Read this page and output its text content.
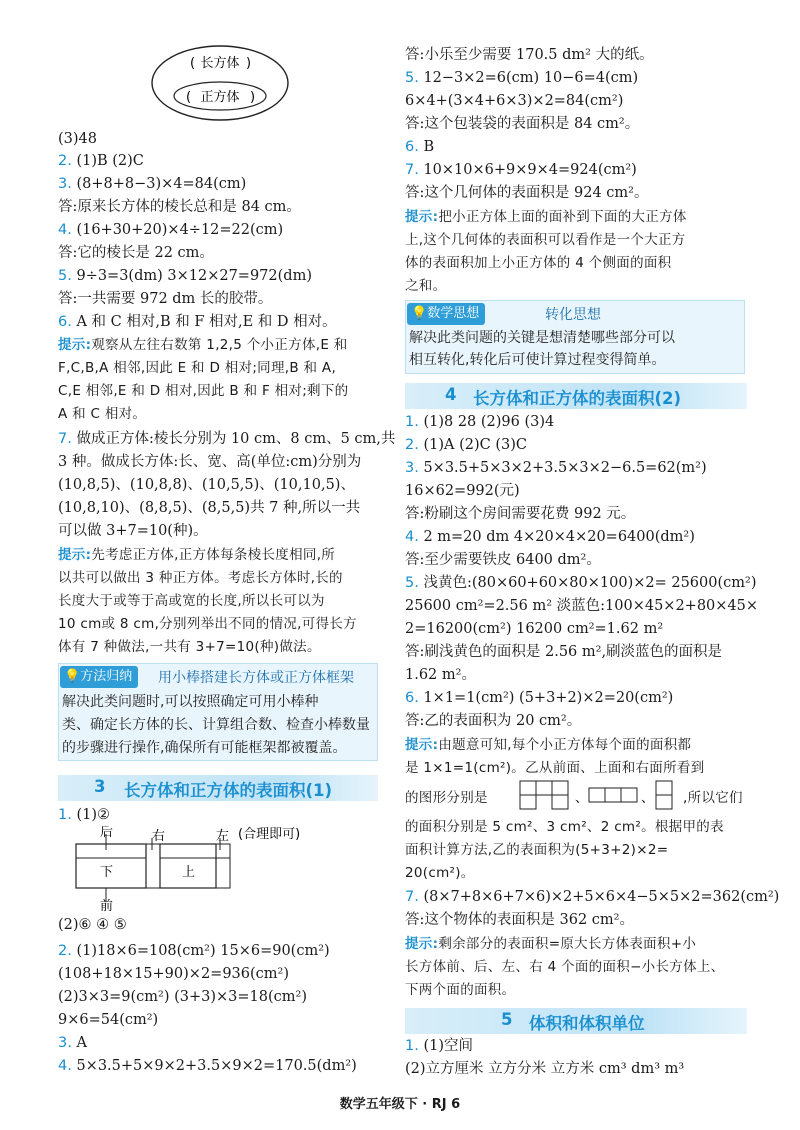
长方体
正方体
(	)
(	)
(3)48
2. (1)B (2)C
3. (8+8+8−3)×4=84(cm)
答:原来长方体的棱长总和是 84 cm。
4. (16+30+20)×4÷12=22(cm)
答:它的棱长是 22 cm。
5. 9÷3=3(dm) 3×12×27=972(dm)
答:一共需要 972 dm 长的胶带。
6. A 和 C 相对,B 和 F 相对,E 和 D 相对。
提示:观察从左往右数第 1,2,5 个小正方体,E 和
F,C,B,A 相邻,因此 E 和 D 相对;同理,B 和 A,
C,E 相邻,E 和 D 相对,因此 B 和 F 相对;剩下的
A 和 C 相对。
7. 做成正方体:棱长分别为 10 cm、8 cm、5 cm,共
3 种。做成长方体:长、宽、高(单位:cm)分别为
(10,8,5)、(10,8,8)、(10,5,5)、(10,10,5)、
(10,8,10)、(8,8,5)、(8,5,5)共 7 种,所以一共
可以做 3+7=10(种)。
提示:先考虑正方体,正方体每条棱长度相同,所
以共可以做出 3 种正方体。考虑长方体时,长的
长度大于或等于高或宽的长度,所以长可以为
10 cm或 8 cm,分别列举出不同的情况,可得长方
体有 7 种做法,一共有 3+7=10(种)做法。
💡方法归纳	用小棒搭建长方体或正方体框架
解决此类问题时,可以按照确定可用小棒种
类、确定长方体的长、计算组合数、检查小棒数量
的步骤进行操作,确保所有可能框架都被覆盖。
3 长方体和正方体的表面积(1)
1. (1)②
后	右	左
下	上
前
(合理即可)
(2)⑥ ④ ⑤
2. (1)18×6=108(cm²) 15×6=90(cm²)
(108+18×15+90)×2=936(cm²)
(2)3×3=9(cm²) (3+3)×3=18(cm²)
9×6=54(cm²)
3. A
4. 5×3.5+5×9×2+3.5×9×2=170.5(dm²)
答:小乐至少需要 170.5 dm² 大的纸。
5. 12−3×2=6(cm) 10−6=4(cm)
6×4+(3×4+6×3)×2=84(cm²)
答:这个包装袋的表面积是 84 cm²。
6. B
7. 10×10×6+9×9×4=924(cm²)
答:这个几何体的表面积是 924 cm²。
提示:把小正方体上面的面补到下面的大正方体
上,这个几何体的表面积可以看作是一个大正方
体的表面积加上小正方体的 4 个侧面的面积
之和。
💡数学思想	转化思想
解决此类问题的关键是想清楚哪些部分可以
相互转化,转化后可使计算过程变得简单。
4 长方体和正方体的表面积(2)
1. (1)8 28 (2)96 (3)4
2. (1)A (2)C (3)C
3. 5×3.5+5×3×2+3.5×3×2−6.5=62(m²)
16×62=992(元)
答:粉刷这个房间需要花费 992 元。
4. 2 m=20 dm 4×20×4×20=6400(dm²)
答:至少需要铁皮 6400 dm²。
5. 浅黄色:(80×60+60×80×100)×2= 25600(cm²)
25600 cm²=2.56 m² 淡蓝色:100×45×2+80×45×
2=16200(cm²) 16200 cm²=1.62 m²
答:刷浅黄色的面积是 2.56 m²,刷淡蓝色的面积是
1.62 m²。
6. 1×1=1(cm²) (5+3+2)×2=20(cm²)
答:乙的表面积为 20 cm²。
提示:由题意可知,每个小正方体每个面的面积都
是 1×1=1(cm²)。乙从前面、上面和右面所看到
的图形分别是	、	、 ,所以它们
的面积分别是 5 cm²、3 cm²、2 cm²。根据甲的表
面积计算方法,乙的表面积为(5+3+2)×2=
20(cm²)。
7. (8×7+8×6+7×6)×2+5×6×4−5×5×2=362(cm²)
答:这个物体的表面积是 362 cm²。
提示:剩余部分的表面积=原大长方体表面积+小
长方体前、后、左、右 4 个面的面积−小长方体上、
下两个面的面积。
5 体积和体积单位
1. (1)空间
(2)立方厘米 立方分米 立方米 cm³ dm³ m³
数学五年级下 · RJ 6
